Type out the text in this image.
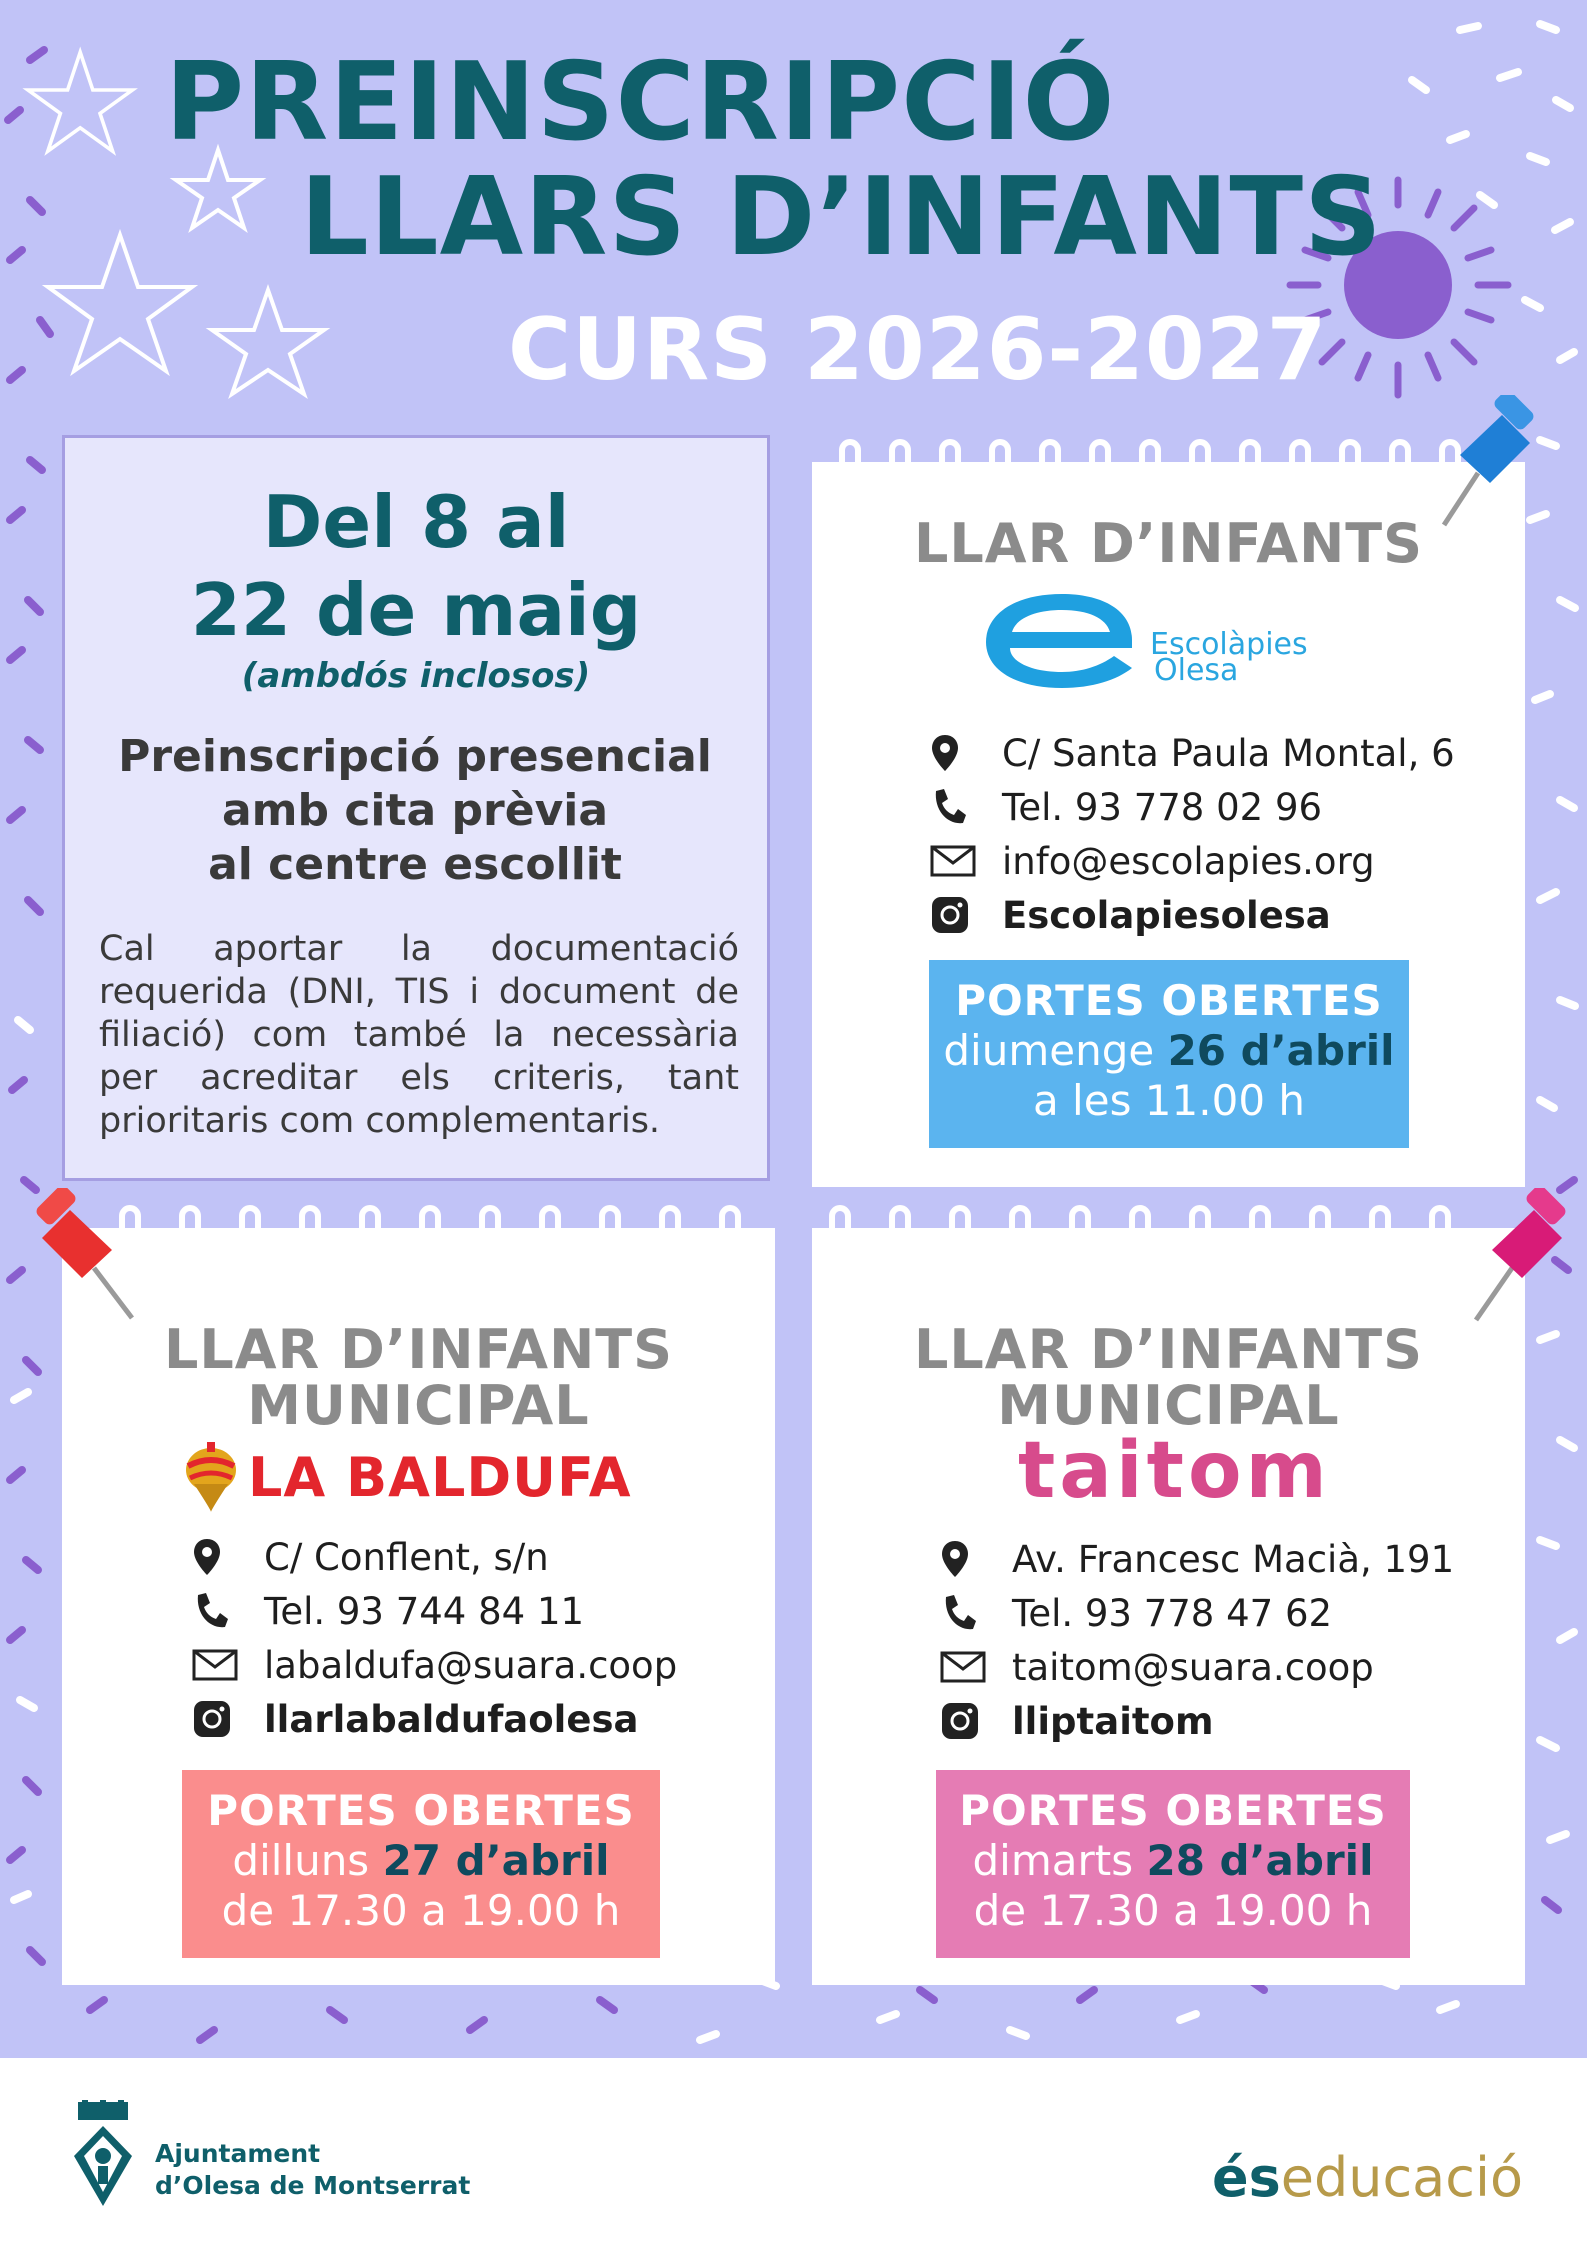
PREINSCRIPCIÓ
LLARS D’INFANTS
CURS 2026-2027
Del 8 al
22 de maig
(ambdós inclosos)
Preinscripció presencial
amb cita prèvia
al centre escollit
Cal aportar la documentació requerida (DNI, TIS i document de filiació) com també la necessària per acreditar els criteris, tant prioritaris com complementaris.
LLAR D’INFANTS
Escolàpies
Olesa
C/ Santa Paula Montal, 6
Tel. 93 778 02 96
info@escolapies.org
Escolapiesolesa
PORTES OBERTES
diumenge 26 d’abril
a les 11.00 h
LLAR D’INFANTS
MUNICIPAL
LA BALDUFA
C/ Conflent, s/n
Tel. 93 744 84 11
labaldufa@suara.coop
llarlabaldufaolesa
PORTES OBERTES
dilluns 27 d’abril
de 17.30 a 19.00 h
LLAR D’INFANTS
MUNICIPAL
taitom
Av. Francesc Macià, 191
Tel. 93 778 47 62
taitom@suara.coop
lliptaitom
PORTES OBERTES
dimarts 28 d’abril
de 17.30 a 19.00 h
Ajuntament
d’Olesa de Montserrat	éseducació
